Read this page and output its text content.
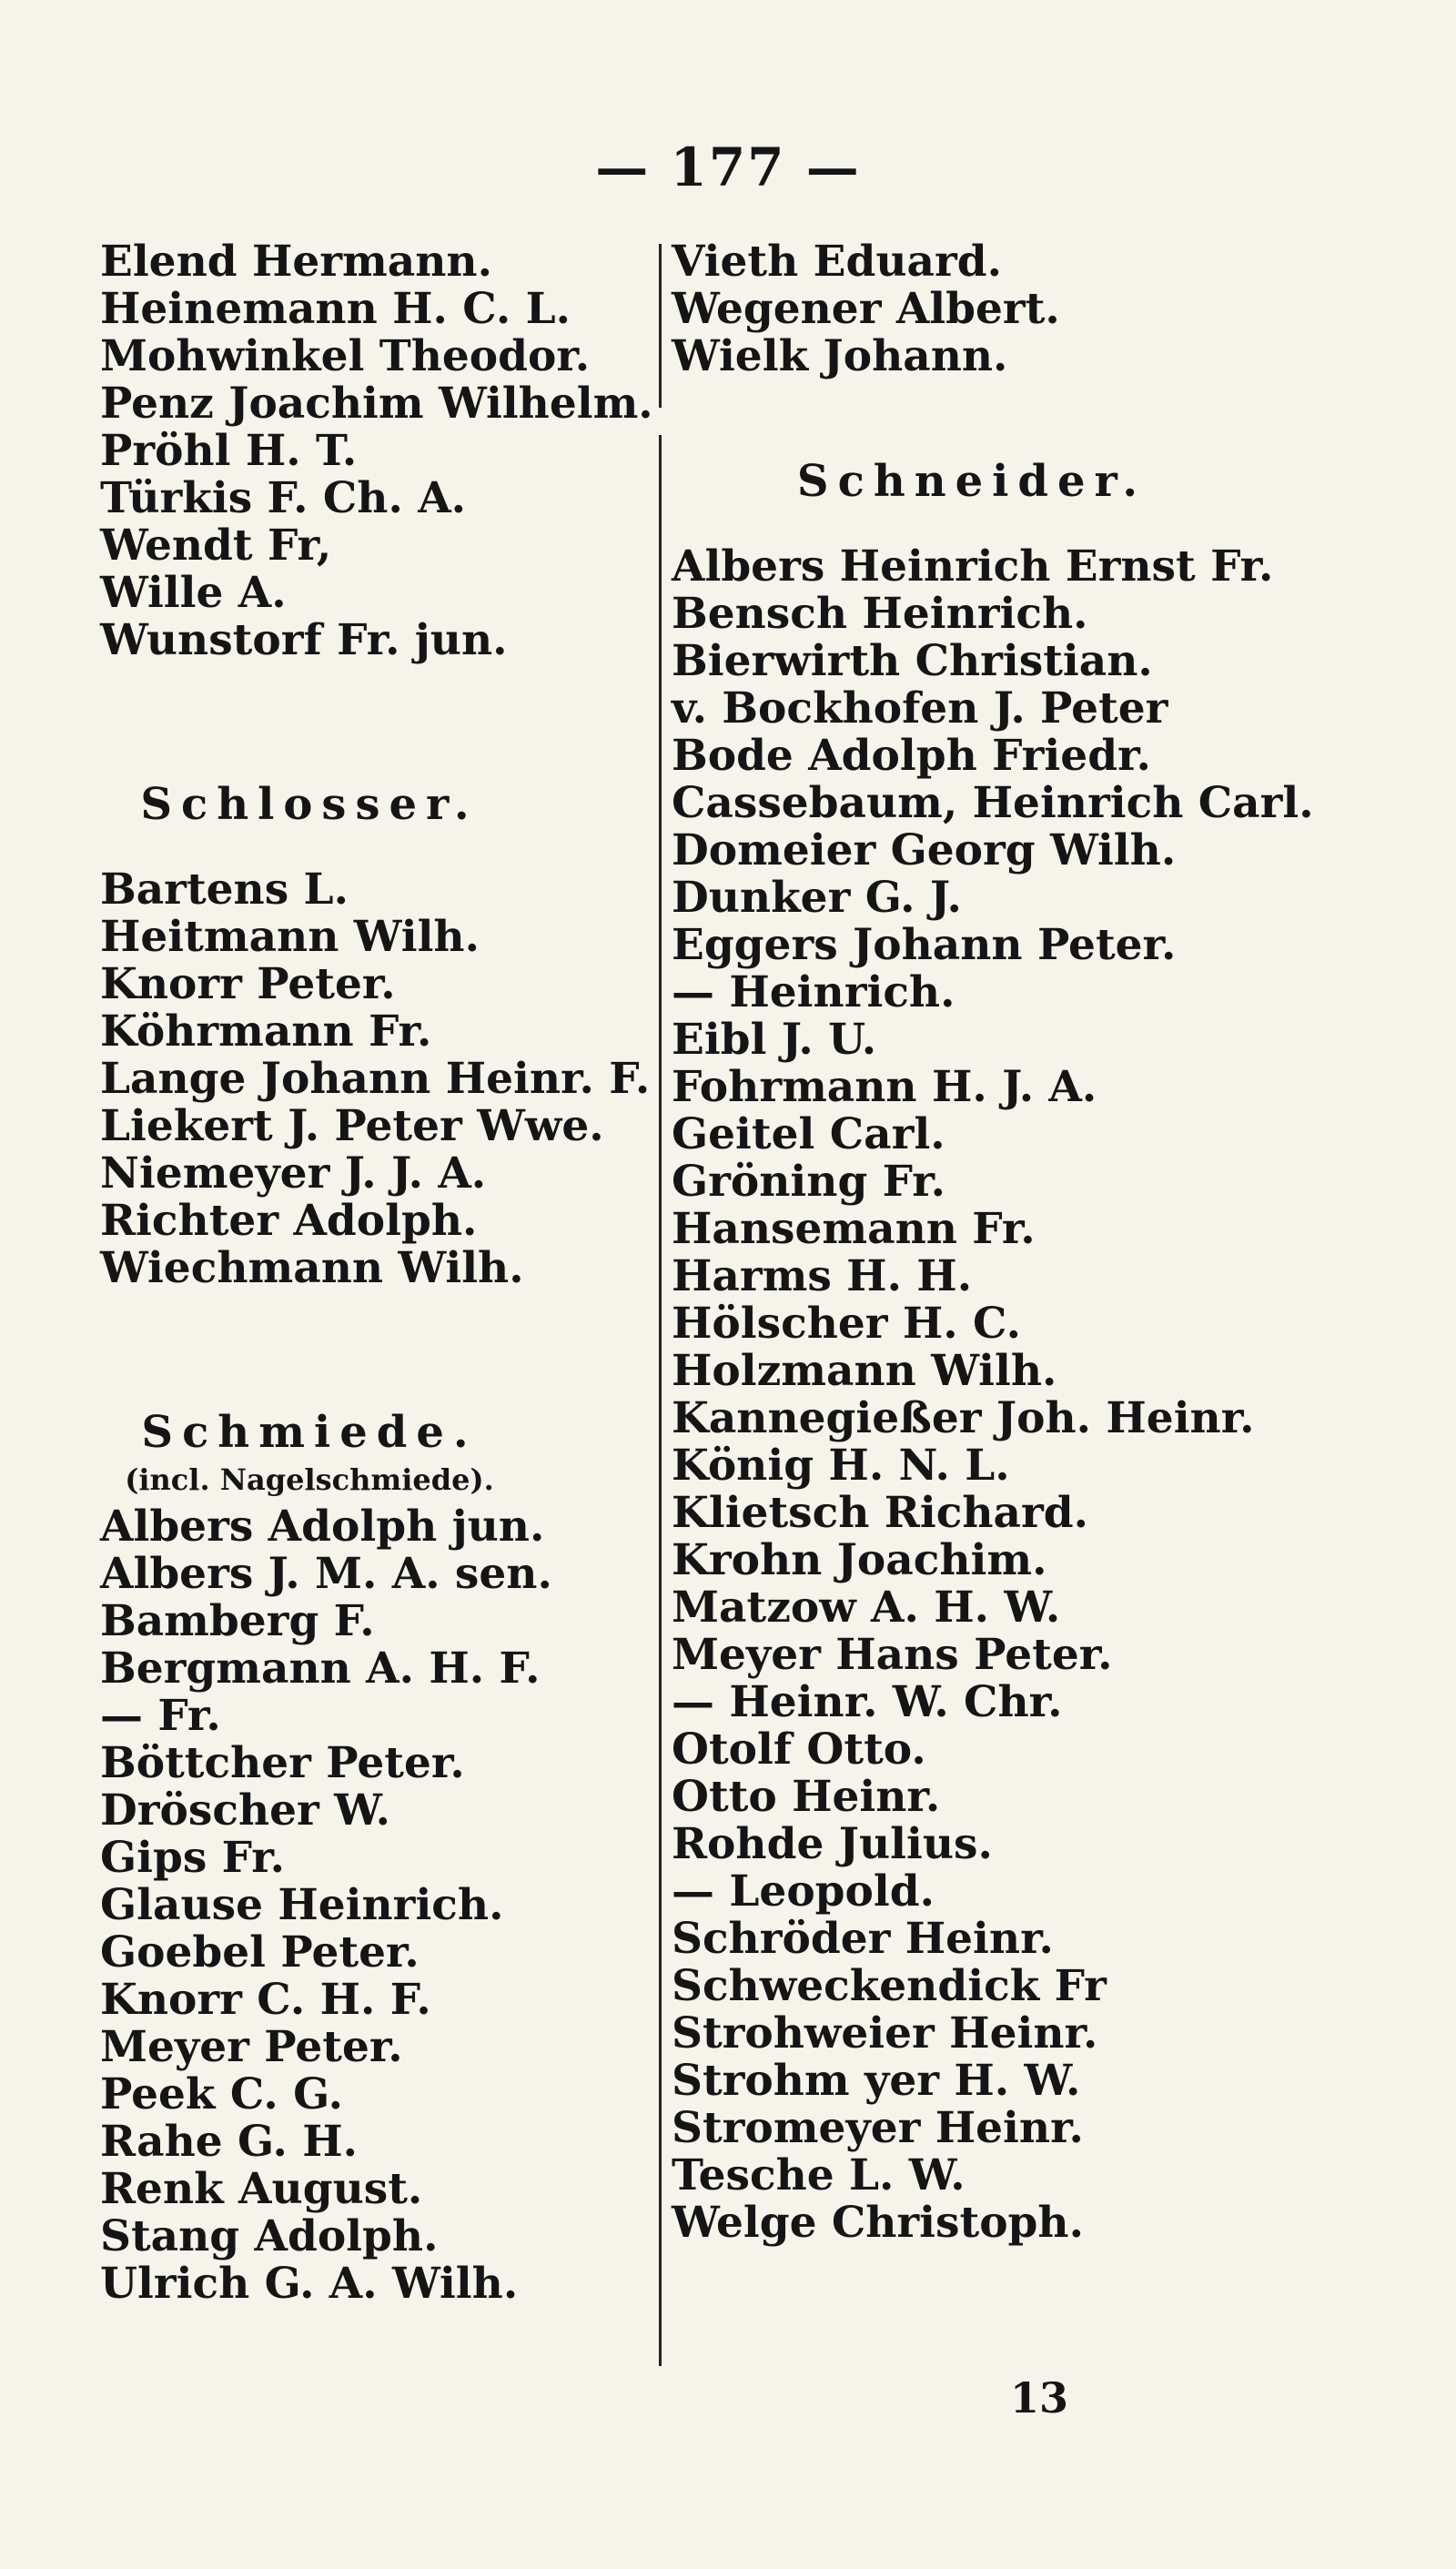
— 177 —
Elend Hermann.
Heinemann H. C. L.
Mohwinkel Theodor.
Penz Joachim Wilhelm.
Pröhl H. T.
Türkis F. Ch. A.
Wendt Fr,
Wille A.
Wunstorf Fr. jun.
Schlosser.
Bartens L.
Heitmann Wilh.
Knorr Peter.
Köhrmann Fr.
Lange Johann Heinr. F.
Liekert J. Peter Wwe.
Niemeyer J. J. A.
Richter Adolph.
Wiechmann Wilh.
Schmiede.
(incl. Nagelschmiede).
Albers Adolph jun.
Albers J. M. A. sen.
Bamberg F.
Bergmann A. H. F.
— Fr.
Böttcher Peter.
Dröscher W.
Gips Fr.
Glause Heinrich.
Goebel Peter.
Knorr C. H. F.
Meyer Peter.
Peek C. G.
Rahe G. H.
Renk August.
Stang Adolph.
Ulrich G. A. Wilh.
Vieth Eduard.
Wegener Albert.
Wielk Johann.
Schneider.
Albers Heinrich Ernst Fr.
Bensch Heinrich.
Bierwirth Christian.
v. Bockhofen J. Peter
Bode Adolph Friedr.
Cassebaum, Heinrich Carl.
Domeier Georg Wilh.
Dunker G. J.
Eggers Johann Peter.
— Heinrich.
Eibl J. U.
Fohrmann H. J. A.
Geitel Carl.
Gröning Fr.
Hansemann Fr.
Harms H. H.
Hölscher H. C.
Holzmann Wilh.
Kannegießer Joh. Heinr.
König H. N. L.
Klietsch Richard.
Krohn Joachim.
Matzow A. H. W.
Meyer Hans Peter.
— Heinr. W. Chr.
Otolf Otto.
Otto Heinr.
Rohde Julius.
— Leopold.
Schröder Heinr.
Schweckendick Fr
Strohweier Heinr.
Strohm yer H. W.
Stromeyer Heinr.
Tesche L. W.
Welge Christoph.
13
